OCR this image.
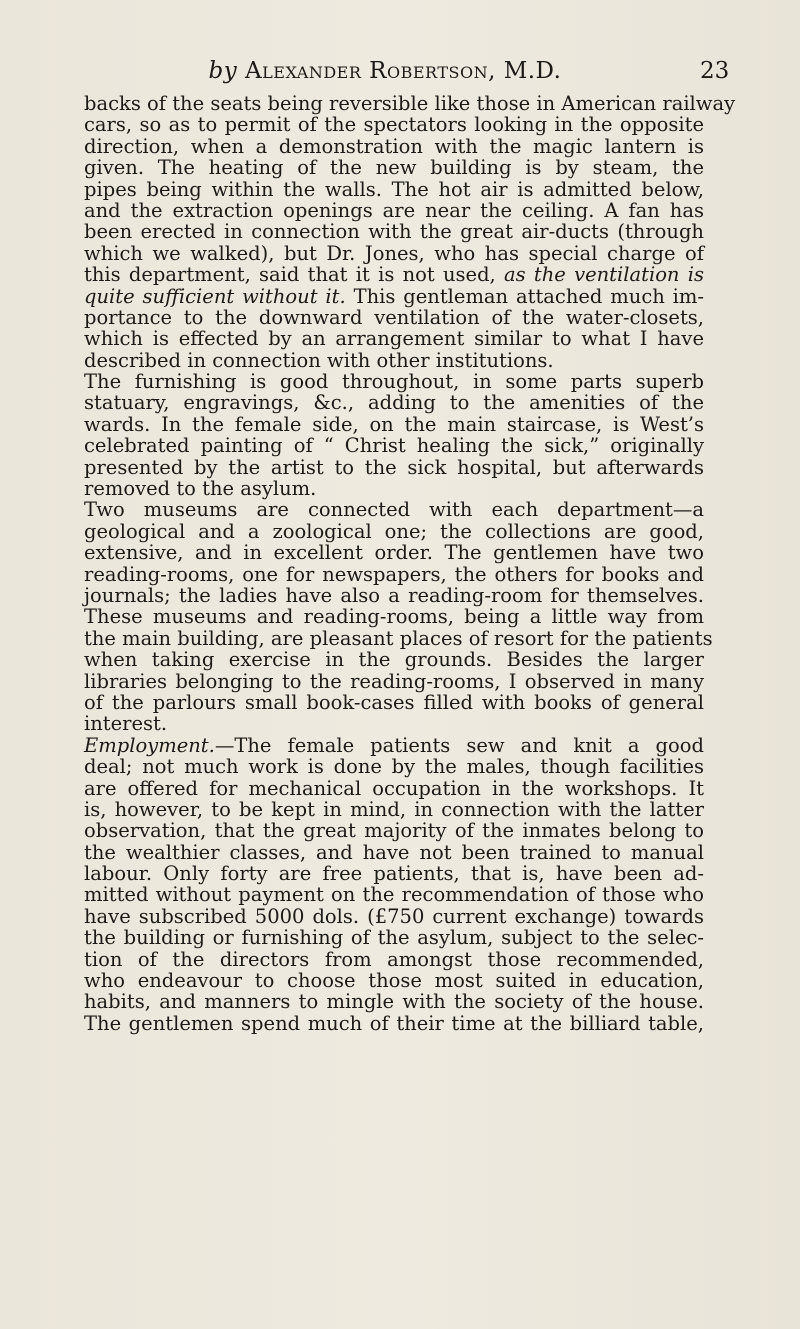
by Alexander Robertson, M.D.	23
backs of the seats being reversible like those in American railway
cars, so as to permit of the spectators looking in the opposite
direction, when a demonstration with the magic lantern is
given. The heating of the new building is by steam, the
pipes being within the walls. The hot air is admitted below,
and the extraction openings are near the ceiling. A fan has
been erected in connection with the great air-ducts (through
which we walked), but Dr. Jones, who has special charge of
this department, said that it is not used, as the ventilation is
quite sufficient without it. This gentleman attached much im-
portance to the downward ventilation of the water-closets,
which is effected by an arrangement similar to what I have
described in connection with other institutions.
The furnishing is good throughout, in some parts superb
statuary, engravings, &c., adding to the amenities of the
wards. In the female side, on the main staircase, is West’s
celebrated painting of “ Christ healing the sick,” originally
presented by the artist to the sick hospital, but afterwards
removed to the asylum.
Two museums are connected with each department—a
geological and a zoological one; the collections are good,
extensive, and in excellent order. The gentlemen have two
reading-rooms, one for newspapers, the others for books and
journals; the ladies have also a reading-room for themselves.
These museums and reading-rooms, being a little way from
the main building, are pleasant places of resort for the patients
when taking exercise in the grounds. Besides the larger
libraries belonging to the reading-rooms, I observed in many
of the parlours small book-cases filled with books of general
interest.
Employment.—The female patients sew and knit a good
deal; not much work is done by the males, though facilities
are offered for mechanical occupation in the workshops. It
is, however, to be kept in mind, in connection with the latter
observation, that the great majority of the inmates belong to
the wealthier classes, and have not been trained to manual
labour. Only forty are free patients, that is, have been ad-
mitted without payment on the recommendation of those who
have subscribed 5000 dols. (£750 current exchange) towards
the building or furnishing of the asylum, subject to the selec-
tion of the directors from amongst those recommended,
who endeavour to choose those most suited in education,
habits, and manners to mingle with the society of the house.
The gentlemen spend much of their time at the billiard table,
